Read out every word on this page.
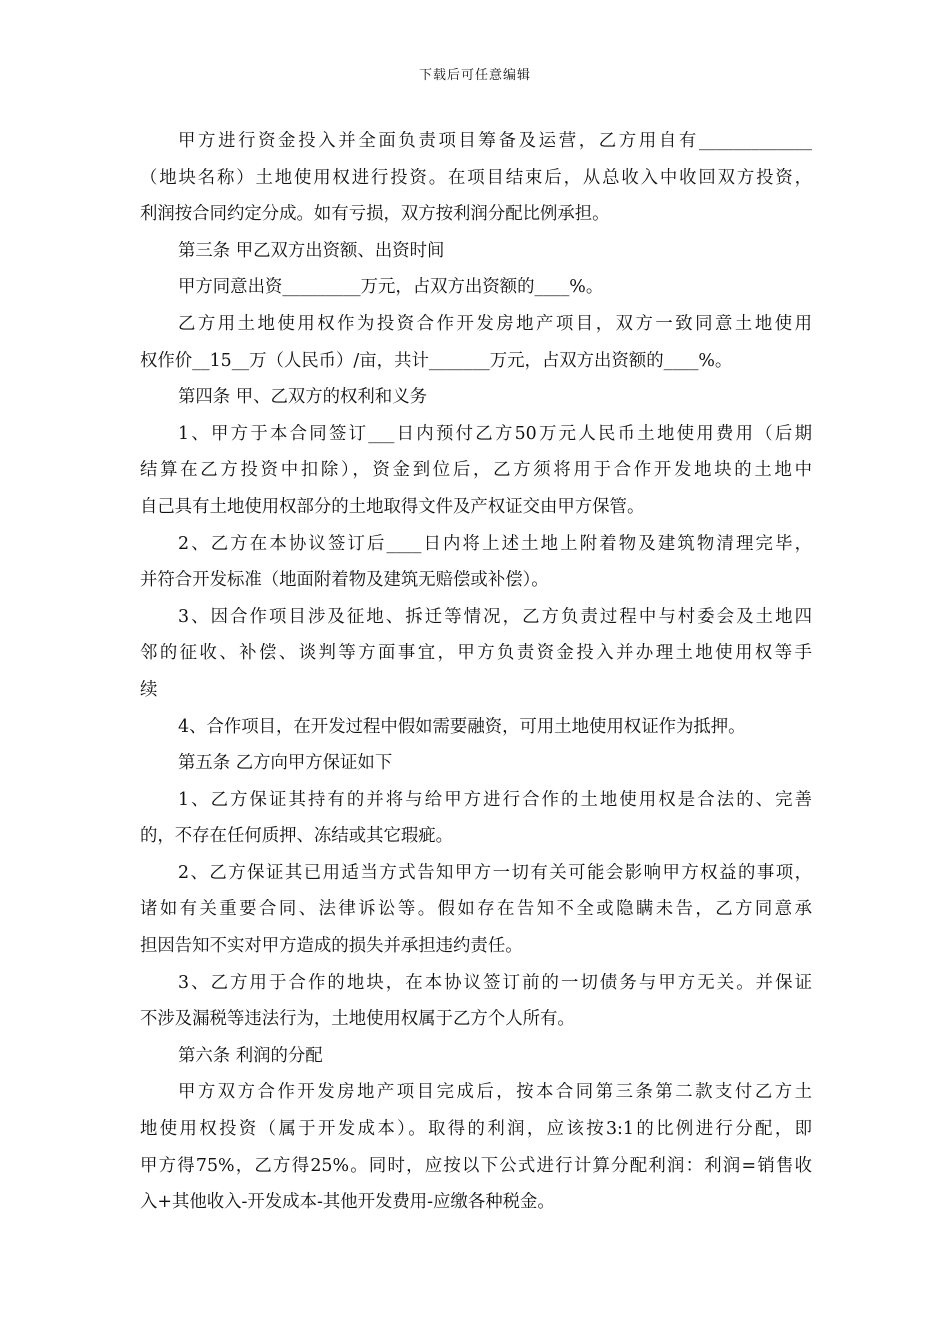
下载后可任意编辑
甲方进行资金投入并全面负责项目筹备及运营，乙方用自有_____________
（地块名称）土地使用权进行投资。在项目结束后，从总收入中收回双方投资，
利润按合同约定分成。如有亏损，双方按利润分配比例承担。
第三条 甲乙双方出资额、出资时间
甲方同意出资_________万元，占双方出资额的____%。
乙方用土地使用权作为投资合作开发房地产项目，双方一致同意土地使用
权作价__15__万（人民币）/亩，共计_______万元，占双方出资额的____%。
第四条 甲、乙双方的权利和义务
1、甲方于本合同签订___日内预付乙方50万元人民币土地使用费用（后期
结算在乙方投资中扣除），资金到位后，乙方须将用于合作开发地块的土地中
自己具有土地使用权部分的土地取得文件及产权证交由甲方保管。
2、乙方在本协议签订后____日内将上述土地上附着物及建筑物清理完毕，
并符合开发标准（地面附着物及建筑无赔偿或补偿）。
3、因合作项目涉及征地、拆迁等情况，乙方负责过程中与村委会及土地四
邻的征收、补偿、谈判等方面事宜，甲方负责资金投入并办理土地使用权等手
续
4、合作项目，在开发过程中假如需要融资，可用土地使用权证作为抵押。
第五条 乙方向甲方保证如下
1、乙方保证其持有的并将与给甲方进行合作的土地使用权是合法的、完善
的，不存在任何质押、冻结或其它瑕疵。
2、乙方保证其已用适当方式告知甲方一切有关可能会影响甲方权益的事项，
诸如有关重要合同、法律诉讼等。假如存在告知不全或隐瞒未告，乙方同意承
担因告知不实对甲方造成的损失并承担违约责任。
3、乙方用于合作的地块，在本协议签订前的一切债务与甲方无关。并保证
不涉及漏税等违法行为，土地使用权属于乙方个人所有。
第六条 利润的分配
甲方双方合作开发房地产项目完成后，按本合同第三条第二款支付乙方土
地使用权投资（属于开发成本）。取得的利润，应该按3:1的比例进行分配，即
甲方得75%，乙方得25%。同时，应按以下公式进行计算分配利润：利润=销售收
入+其他收入-开发成本-其他开发费用-应缴各种税金。
